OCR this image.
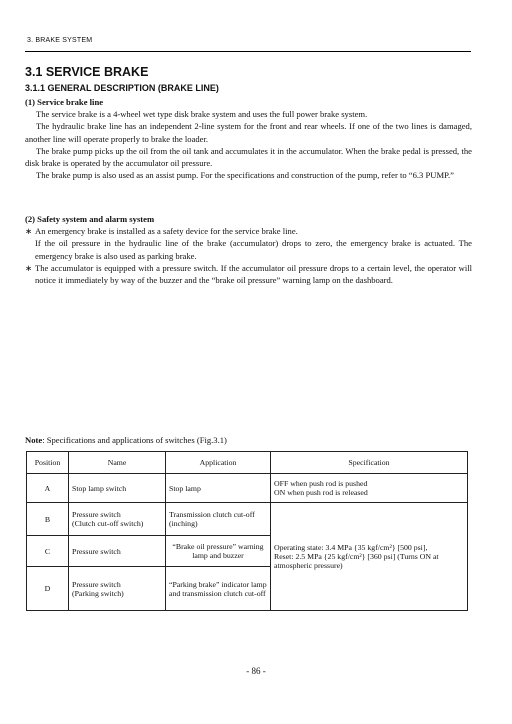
3. BRAKE SYSTEM
3.1 SERVICE BRAKE
3.1.1 GENERAL DESCRIPTION (BRAKE LINE)
(1) Service brake line

The service brake is a 4-wheel wet type disk brake system and uses the full power brake system.

The hydraulic brake line has an independent 2-line system for the front and rear wheels. If one of the two lines is damaged, another line will operate properly to brake the loader.

The brake pump picks up the oil from the oil tank and accumulates it in the accumulator. When the brake pedal is pressed, the disk brake is operated by the accumulator oil pressure.

The brake pump is also used as an assist pump. For the specifications and construction of the pump, refer to “6.3 PUMP.”

(2) Safety system and alarm system
∗ An emergency brake is installed as a safety device for the service brake line.

If the oil pressure in the hydraulic line of the brake (accumulator) drops to zero, the emergency brake is actuated. The emergency brake is also used as parking brake.

∗ The accumulator is equipped with a pressure switch. If the accumulator oil pressure drops to a certain level, the operator will notice it immediately by way of the buzzer and the “brake oil pressure” warning lamp on the dashboard.
Note: Specifications and applications of switches (Fig.3.1)
Position	Name	Application	Specification
A	Stop lamp switch	Stop lamp	OFF when push rod is pushed
ON when push rod is released
B	Pressure switch
(Clutch cut-off switch)	Transmission clutch cut-off (inching)	Operating state: 3.4 MPa {35 kgf/cm²} [500 psi],
Reset: 2.5 MPa {25 kgf/cm²} [360 psi] (Turns ON at atmospheric pressure)
C	Pressure switch	“Brake oil pressure” warning lamp and buzzer	
D	Pressure switch
(Parking switch)	“Parking brake” indicator lamp and transmission clutch cut-off	
- 86 -
